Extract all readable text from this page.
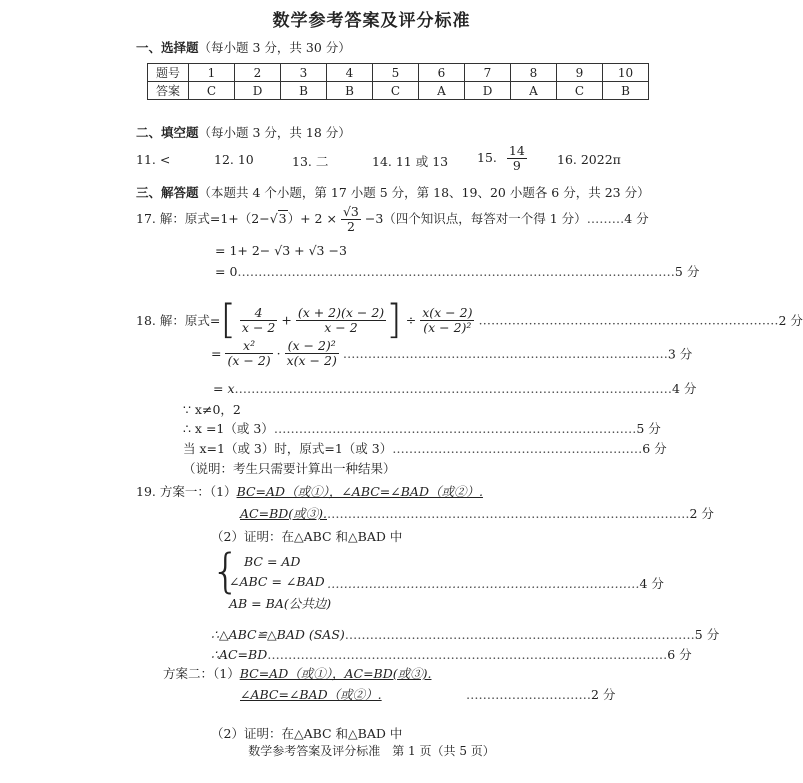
数学参考答案及评分标准
一、选择题（每小题 3 分，共 30 分）
题号	1	2	3	4	5	6	7	8	9	10
答案	C	D	B	B	C	A	D	A	C	B
二、填空题（每小题 3 分，共 18 分）
11. <	12. 10	13. 二	14. 11 或 13 15. $\frac{14}{9} 16$. 2022π
三、解答题（本题共 4 个小题，第 17 小题 5 分，第 18、19、20 小题各 6 分，共 23 分）
17. 解：原式$=1+(2-√3)+ 2 \times \frac{√3}{2} -3$（四个知识点，每答对一个得 1 分）………4 分
= 1+ 2− √3 + √3 −3
= 0……………………………………………………………………………………………5 分
18. 解：原式=[ $\frac{4}{x - 2} + \frac{(x + 2)(x - 2)}{x - 2}$ ] ÷ $\frac{x(x - 2)}{\text{(x − 2)²}}$ ………………………………………………………………2 分
= $\frac{\text{x²}}{(x - 2)} \cdot \frac{\text{(x − 2)²}}{x(x - 2)}$ ……………………………………………………………………3 分
= x……………………………………………………………………………………………4 分
∵ x≠0，2
∴ x =1（或 3）……………………………………………………………………………5 分
当 x=1（或 3）时，原式=1（或 3）……………………………………………………6 分
（说明：考生只需要计算出一种结果）
19. 方案一：（1）BC=AD（或①），∠ABC=∠BAD（或②）.
AC=BD(或③).……………………………………………………………………………2 分
（2）证明：在△ABC 和△BAD 中
{ BC = AD
∠ABC = ∠BAD …………………………………………………………………4 分
AB = BA(公共边)
∴△ABC≌△BAD (SAS)…………………………………………………………………………5 分
∴AC=BD……………………………………………………………………………………6 分
方案二：（1）BC=AD（或①），AC=BD(或③).
∠ABC=∠BAD（或②）.	…………………………2 分
（2）证明：在△ABC 和△BAD 中
数学参考答案及评分标准　第 1 页（共 5 页）
